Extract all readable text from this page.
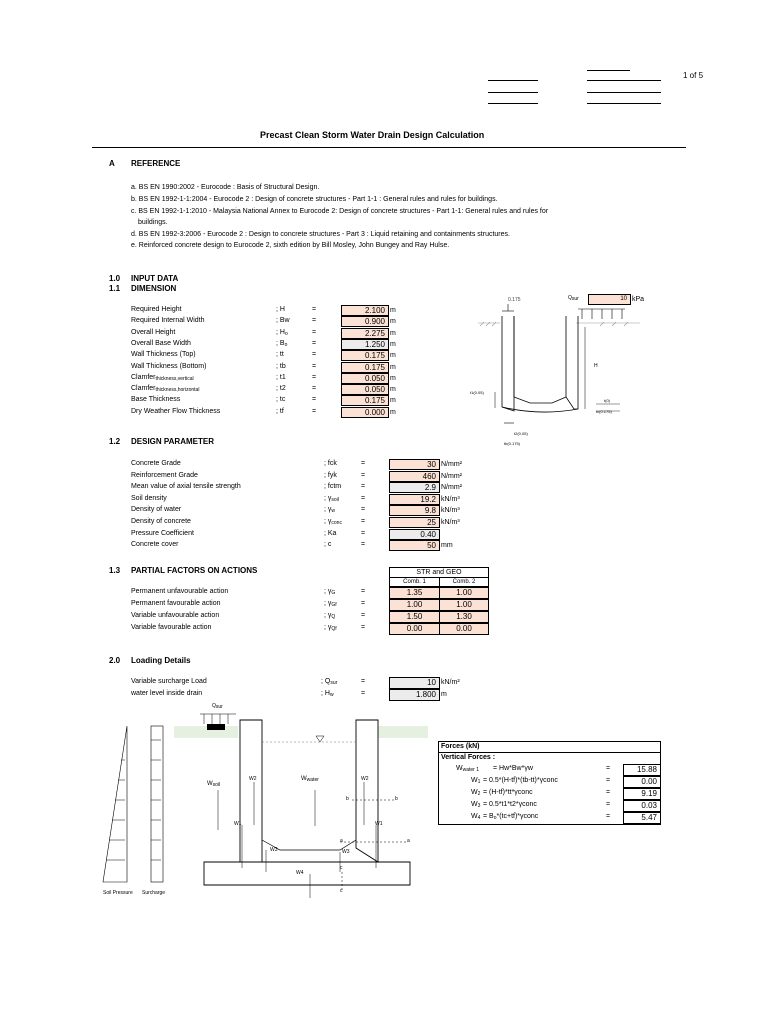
1 of 5
Precast Clean Storm Water Drain Design Calculation
A REFERENCE
a. BS EN 1990:2002 - Eurocode : Basis of Structural Design.
b. BS EN 1992-1-1:2004 - Eurocode 2 : Design of concrete structures - Part 1-1 : General rules and rules for buildings.
c. BS EN 1992-1-1:2010 - Malaysia National Annex to Eurocode 2: Design of concrete structures - Part 1-1: General rules and rules for
buildings.
d. BS EN 1992-3:2006 - Eurocode 2 : Design to concrete structures - Part 3 : Liquid retaining and containments structures.
e. Reinforced concrete design to Eurocode 2, sixth edition by Bill Mosley, John Bungey and Ray Hulse.
1.0 INPUT DATA
1.1 DIMENSION
Required Height	; H	=	2.100 m
Required Internal Width	; Bw	=	0.900 m
Overall Height	; $H_o$	=	2.275 m
Overall Base Width	; $B_o$	=	1.250 m
Wall Thickness (Top)	; tt	=	0.175 m
Wall Thickness (Bottom)	; tb	=	0.175 m
Clamfer$_{thickness,vertical}$	; t1	=	0.050 m
Clamfer$_{thickness,horizontal}$	; t2	=	0.050 m
Base Thickness	; tc	=	0.175 m
Dry Weather Flow Thickness	; tf	=	0.000 m
0.175	$Q_{sur}$	10 kPa
H
t1(0.05)
t(0)
tc(0.175)
t2(0.05)
tb(0.175)
1.2 DESIGN PARAMETER
Concrete Grade	; fck	=	30 N/mm²
Reinforcement Grade	; fyk	=	460 N/mm²
Mean value of axial tensile strength	; fctm	=	2.9 N/mm²
Soil density	; $\gamma_{soil}$	=	19.2 kN/m³
Density of water	; $\gamma_w$	=	9.8 kN/m³
Density of concrete	; $\gamma_{conc}$	=	25 kN/m³
Pressure Coefficient	; Ka	=	0.40
Concrete cover	; c	=	50 mm
1.3 PARTIAL FACTORS ON ACTIONS	STR and GEO
Comb. 1	Comb. 2
Permanent unfavourable action	; $\gamma_G$	=	1.35	1.00
Permanent favourable action	; $\gamma_{Gf}$	=	1.00	1.00
Variable unfavourable action	; $\gamma_Q$	=	1.50	1.30
Variable favourable action	; $\gamma_{Qf}$	=	0.00	0.00
2.0 Loading Details
Variable surcharge Load	; $Q_{sur}$	=	10 kN/m²
water level inside drain	; $H_w$	=	1.800 m
$Q_{sur}$
$W_{soil}$
$W_{water}$
W2	W2
W1	W1
W3	W3
W4
a	a
b	b
c
c
Soil Pressure Surcharge
Forces (kN)
Vertical Forces :
$W_{water 1} = Hw*Bw*\gamma w$	=	15.88
$W_1$ = 0.5*(H-tf)*(tb-tt)*γconc	=	0.00
$W_2$ = (H-tf)*tt*γconc	=	9.19
$W_3$ = 0.5*t1*t2*γconc	=	0.03
$W_4$ = $B_o*(tc+tf)*\gamma conc$	=	5.47
